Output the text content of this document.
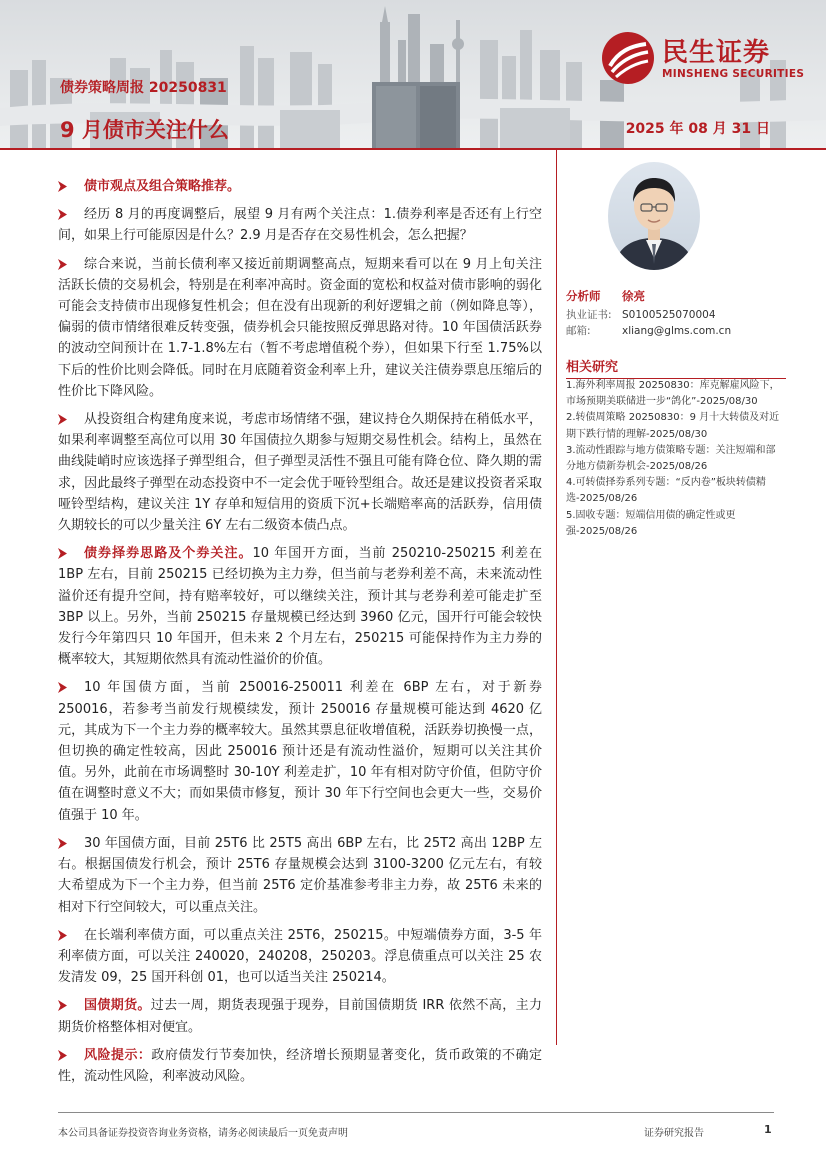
民生证券
MINSHENG SECURITIES
债券策略周报 20250831
9 月债市关注什么	2025 年 08 月 31 日
债市观点及组合策略推荐。
经历 8 月的再度调整后，展望 9 月有两个关注点：1.债券利率是否还有上行空间，如果上行可能原因是什么？2.9 月是否存在交易性机会，怎么把握？
综合来说，当前长债利率又接近前期调整高点，短期来看可以在 9 月上旬关注活跃长债的交易机会，特别是在利率冲高时。资金面的宽松和权益对债市影响的弱化可能会支持债市出现修复性机会；但在没有出现新的利好逻辑之前（例如降息等），偏弱的债市情绪很难反转变强，债券机会只能按照反弹思路对待。10 年国债活跃券的波动空间预计在 1.7-1.8%左右（暂不考虑增值税个券），但如果下行至 1.75%以下后的性价比则会降低。同时在月底随着资金利率上升，建议关注债券票息压缩后的性价比下降风险。
从投资组合构建角度来说，考虑市场情绪不强，建议持仓久期保持在稍低水平，如果利率调整至高位可以用 30 年国债拉久期参与短期交易性机会。结构上，虽然在曲线陡峭时应该选择子弹型组合，但子弹型灵活性不强且可能有降仓位、降久期的需求，因此最终子弹型在动态投资中不一定会优于哑铃型组合。故还是建议投资者采取哑铃型结构，建议关注 1Y 存单和短信用的资质下沉+长端赔率高的活跃券，信用债久期较长的可以少量关注 6Y 左右二级资本债凸点。
债券择券思路及个券关注。10 年国开方面，当前 250210-250215 利差在 1BP 左右，目前 250215 已经切换为主力券，但当前与老券利差不高，未来流动性溢价还有提升空间，持有赔率较好，可以继续关注，预计其与老券利差可能走扩至 3BP 以上。另外，当前 250215 存量规模已经达到 3960 亿元，国开行可能会较快发行今年第四只 10 年国开，但未来 2 个月左右，250215 可能保持作为主力券的概率较大，其短期依然具有流动性溢价的价值。
10 年国债方面，当前 250016-250011 利差在 6BP 左右，对于新券 250016，若参考当前发行规模续发，预计 250016 存量规模可能达到 4620 亿元，其成为下一个主力券的概率较大。虽然其票息征收增值税，活跃券切换慢一点，但切换的确定性较高，因此 250016 预计还是有流动性溢价，短期可以关注其价值。另外，此前在市场调整时 30-10Y 利差走扩，10 年有相对防守价值，但防守价值在调整时意义不大；而如果债市修复，预计 30 年下行空间也会更大一些，交易价值强于 10 年。
30 年国债方面，目前 25T6 比 25T5 高出 6BP 左右，比 25T2 高出 12BP 左右。根据国债发行机会，预计 25T6 存量规模会达到 3100-3200 亿元左右，有较大希望成为下一个主力券，但当前 25T6 定价基准参考非主力券，故 25T6 未来的相对下行空间较大，可以重点关注。
在长端利率债方面，可以重点关注 25T6，250215。中短端债券方面，3-5 年利率债方面，可以关注 240020，240208，250203。浮息债重点可以关注 25 农发清发 09，25 国开科创 01，也可以适当关注 250214。
国债期货。过去一周，期货表现强于现券，目前国债期货 IRR 依然不高，主力期货价格整体相对便宜。
风险提示：政府债发行节奏加快，经济增长预期显著变化，货币政策的不确定性，流动性风险，利率波动风险。
分析师 徐亮
执业证书: S0100525070004
邮箱:	xliang@glms.com.cn
相关研究

1.海外利率周报 20250830：库克解雇风险下，市场预期美联储进一步“鸽化”-2025/08/30

2.转债周策略 20250830：9 月十大转债及对近期下跌行情的理解-2025/08/30

3.流动性跟踪与地方债策略专题：关注短端和部分地方债新券机会-2025/08/26

4.可转债择券系列专题：“反内卷”板块转债精选-2025/08/26

5.固收专题：短端信用债的确定性或更强-2025/08/26

本公司具备证券投资咨询业务资格，请务必阅读最后一页免责声明	证券研究报告	1
